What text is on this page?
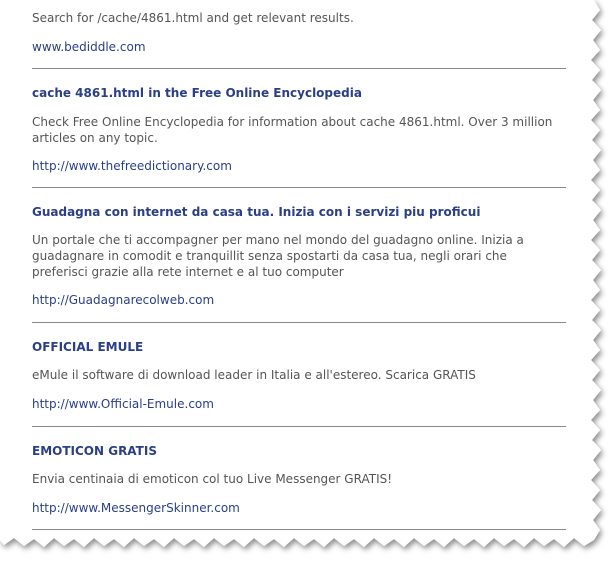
Search for /cache/4861.html and get relevant results.

www.bediddle.com
cache 4861.html in the Free Online Encyclopedia

Check Free Online Encyclopedia for information about cache 4861.html. Over 3 million articles on any topic.

http://www.thefreedictionary.com
Guadagna con internet da casa tua. Inizia con i servizi piu proficui

Un portale che ti accompagner per mano nel mondo del guadagno online. Inizia a guadagnare in comodit e tranquillit senza spostarti da casa tua, negli orari che preferisci grazie alla rete internet e al tuo computer

http://Guadagnarecolweb.com
OFFICIAL EMULE

eMule il software di download leader in Italia e all'estereo. Scarica GRATIS

http://www.Official-Emule.com
EMOTICON GRATIS

Envia centinaia di emoticon col tuo Live Messenger GRATIS!

http://www.MessengerSkinner.com
